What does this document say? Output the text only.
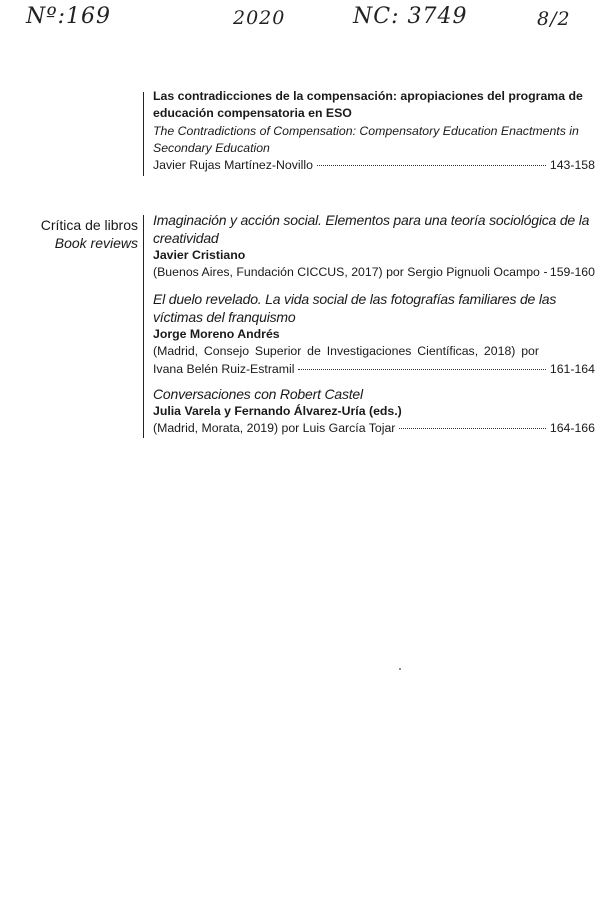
Nº:169	2020	NC: 3749	8/2
Las contradicciones de la compensación: apropiaciones del programa de educación compensatoria en ESO
The Contradictions of Compensation: Compensatory Education Enactments in Secondary Education
Javier Rujas Martínez-Novillo	143-158
Crítica de libros
Book reviews
Imaginación y acción social. Elementos para una teoría sociológica de la creatividad
Javier Cristiano
(Buenos Aires, Fundación CICCUS, 2017) por Sergio Pignuoli Ocampo 159-160
El duelo revelado. La vida social de las fotografías familiares de las víctimas del franquismo
Jorge Moreno Andrés
(Madrid, Consejo Superior de Investigaciones Científicas, 2018) por
Ivana Belén Ruiz-Estramil	161-164
Conversaciones con Robert Castel
Julia Varela y Fernando Álvarez-Uría (eds.)
(Madrid, Morata, 2019) por Luis García Tojar	164-166
